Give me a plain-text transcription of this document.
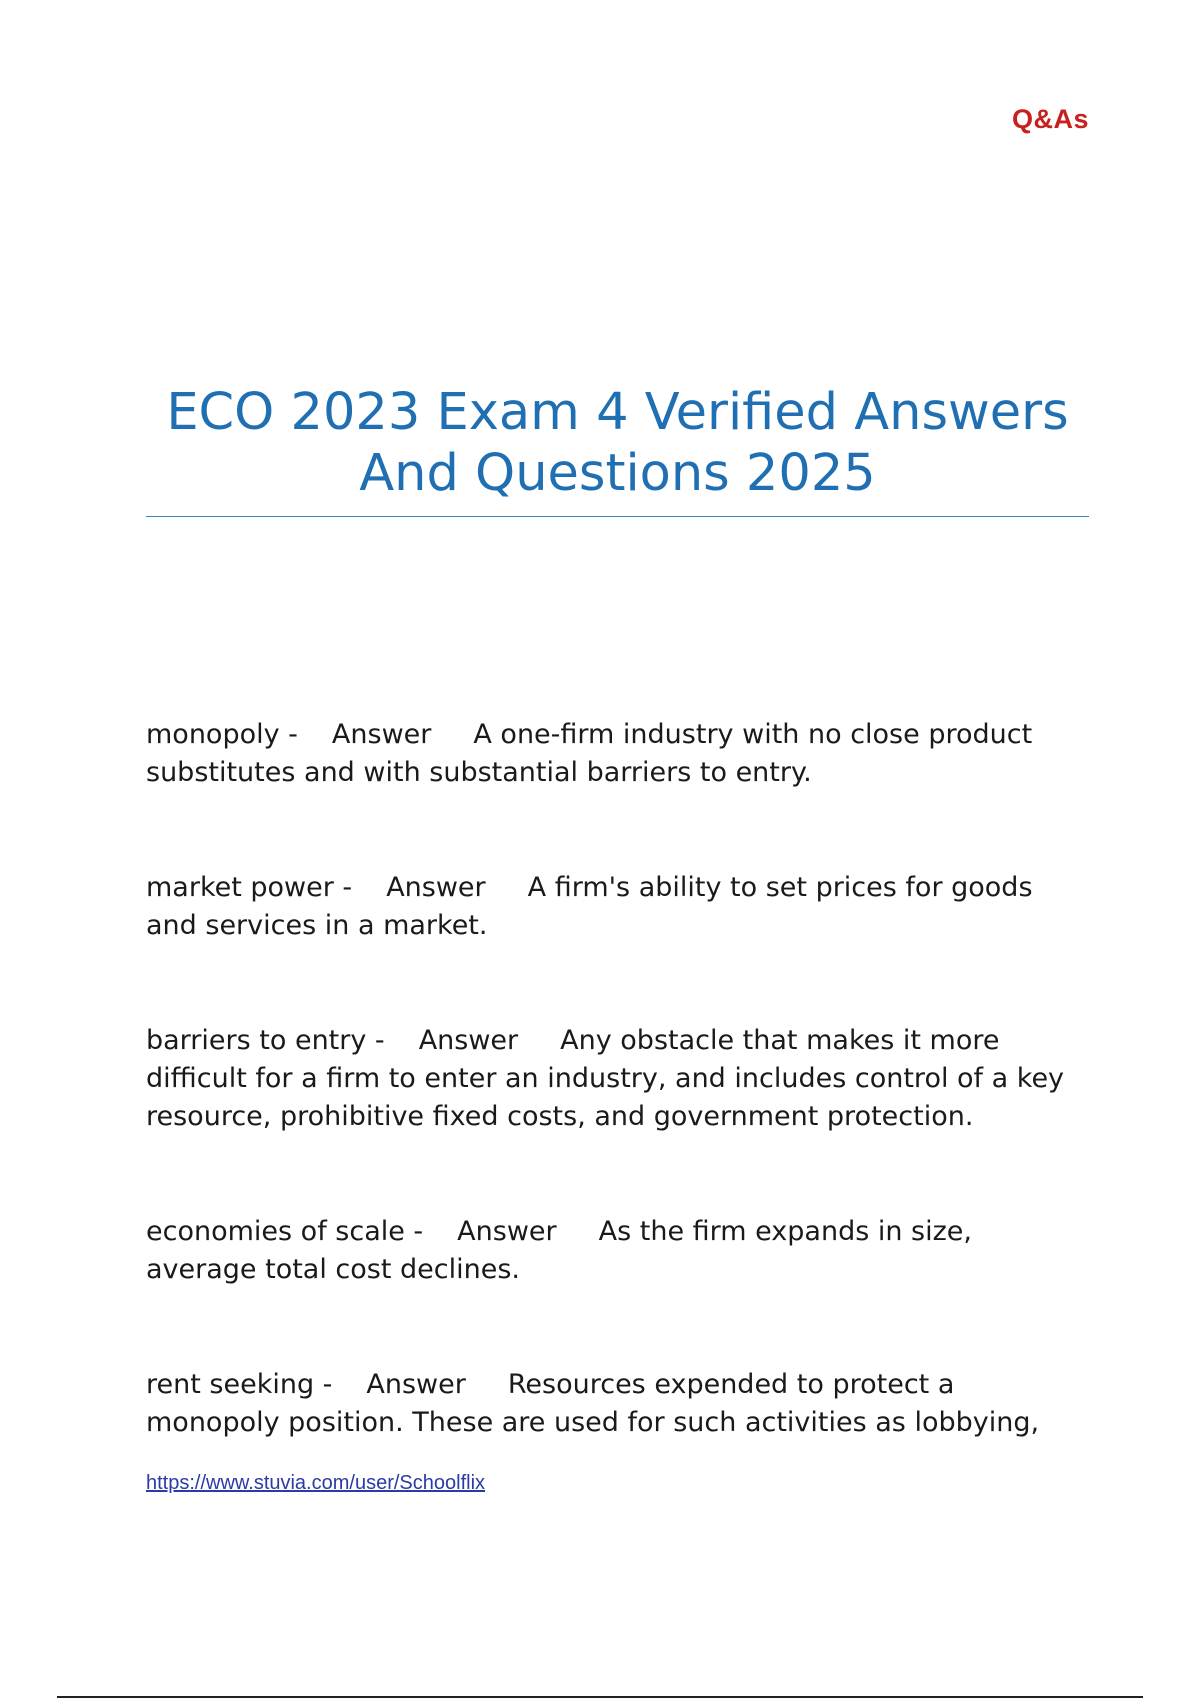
Q&As
ECO 2023 Exam 4 Verified Answers And Questions 2025
monopoly - Answer A one-firm industry with no close product substitutes and with substantial barriers to entry.
market power - Answer A firm's ability to set prices for goods and services in a market.
barriers to entry - Answer Any obstacle that makes it more difficult for a firm to enter an industry, and includes control of a key resource, prohibitive fixed costs, and government protection.
economies of scale - Answer As the firm expands in size, average total cost declines.
rent seeking - Answer Resources expended to protect a monopoly position. These are used for such activities as lobbying,
https://www.stuvia.com/user/Schoolflix
